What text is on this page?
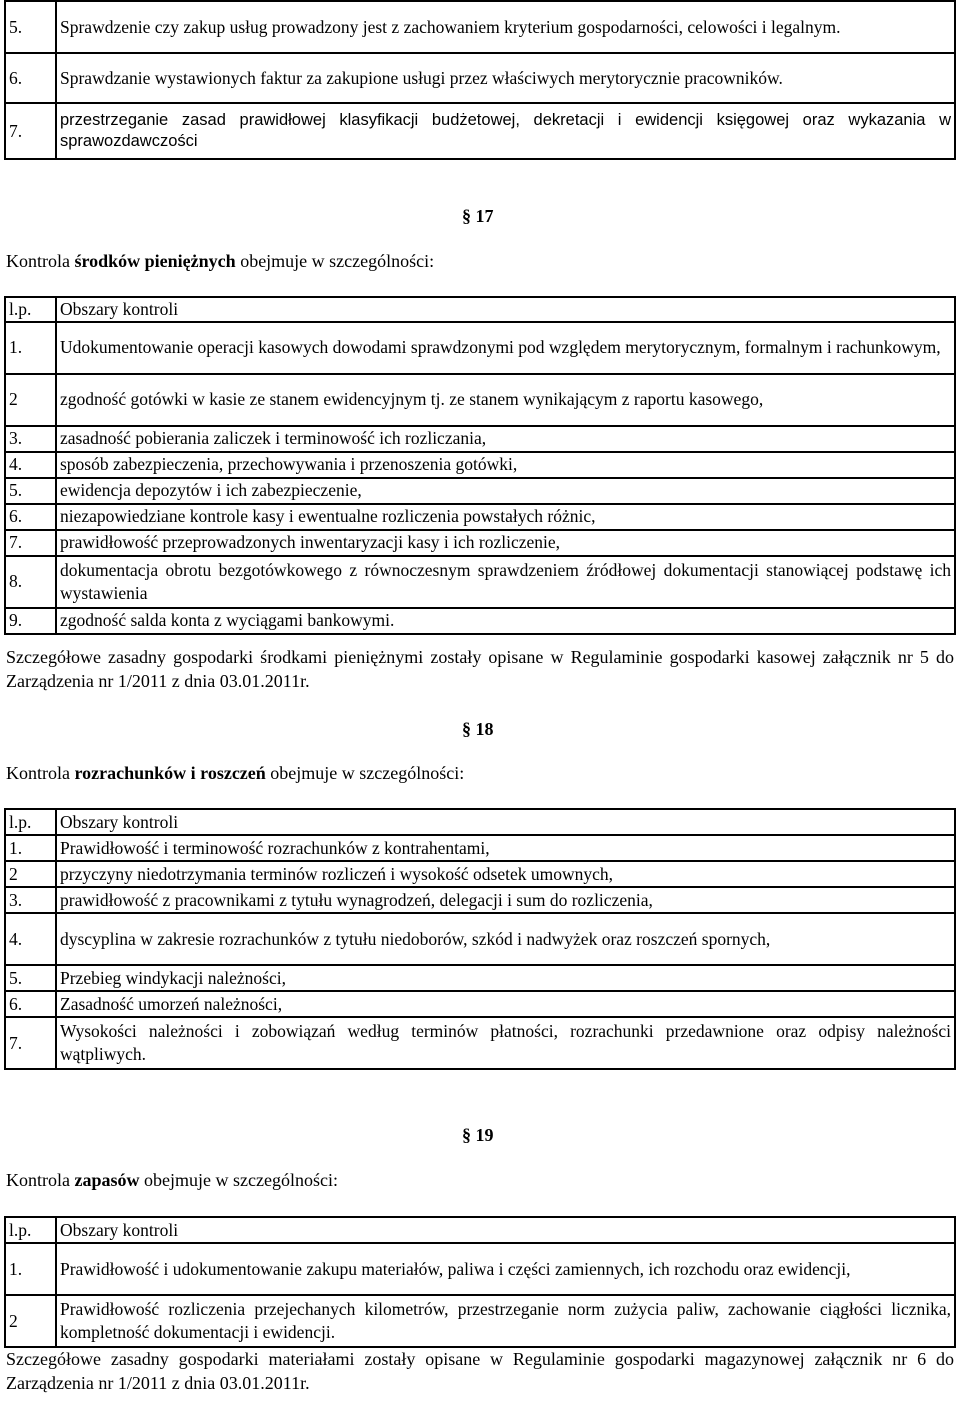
5.	Sprawdzenie czy zakup usług prowadzony jest z zachowaniem kryterium gospodarności, celowości i legalnym.
6.	Sprawdzanie wystawionych faktur za zakupione usługi przez właściwych merytorycznie pracowników.
7.	przestrzeganie zasad prawidłowej klasyfikacji budżetowej, dekretacji i ewidencji księgowej oraz wykazania w sprawozdawczości
§ 17
Kontrola środków pieniężnych obejmuje w szczególności:
l.p.	Obszary kontroli
1.	Udokumentowanie operacji kasowych dowodami sprawdzonymi pod względem merytorycznym, formalnym i rachunkowym,
2	zgodność gotówki w kasie ze stanem ewidencyjnym tj. ze stanem wynikającym z raportu kasowego,
3.	zasadność pobierania zaliczek i terminowość ich rozliczania,
4.	sposób zabezpieczenia, przechowywania i przenoszenia gotówki,
5.	ewidencja depozytów i ich zabezpieczenie,
6.	niezapowiedziane kontrole kasy i ewentualne rozliczenia powstałych różnic,
7.	prawidłowość przeprowadzonych inwentaryzacji kasy i ich rozliczenie,
8.	dokumentacja obrotu bezgotówkowego z równoczesnym sprawdzeniem źródłowej dokumentacji stanowiącej podstawę ich wystawienia
9.	zgodność salda konta z wyciągami bankowymi.
Szczegółowe zasadny gospodarki środkami pieniężnymi zostały opisane w Regulaminie gospodarki kasowej załącznik nr 5 do Zarządzenia nr 1/2011 z dnia 03.01.2011r.
§ 18
Kontrola rozrachunków i roszczeń obejmuje w szczególności:
l.p.	Obszary kontroli
1.	Prawidłowość i terminowość rozrachunków z kontrahentami,
2	przyczyny niedotrzymania terminów rozliczeń i wysokość odsetek umownych,
3.	prawidłowość z pracownikami z tytułu wynagrodzeń, delegacji i sum do rozliczenia,
4.	dyscyplina w zakresie rozrachunków z tytułu niedoborów, szkód i nadwyżek oraz roszczeń spornych,
5.	Przebieg windykacji należności,
6.	Zasadność umorzeń należności,
7.	Wysokości należności i zobowiązań według terminów płatności, rozrachunki przedawnione oraz odpisy należności wątpliwych.
§ 19
Kontrola zapasów obejmuje w szczególności:
l.p.	Obszary kontroli
1.	Prawidłowość i udokumentowanie zakupu materiałów, paliwa i części zamiennych, ich rozchodu oraz ewidencji,
2	Prawidłowość rozliczenia przejechanych kilometrów, przestrzeganie norm zużycia paliw, zachowanie ciągłości licznika, kompletność dokumentacji i ewidencji.
Szczegółowe zasadny gospodarki materiałami zostały opisane w Regulaminie gospodarki magazynowej załącznik nr 6 do Zarządzenia nr 1/2011 z dnia 03.01.2011r.
